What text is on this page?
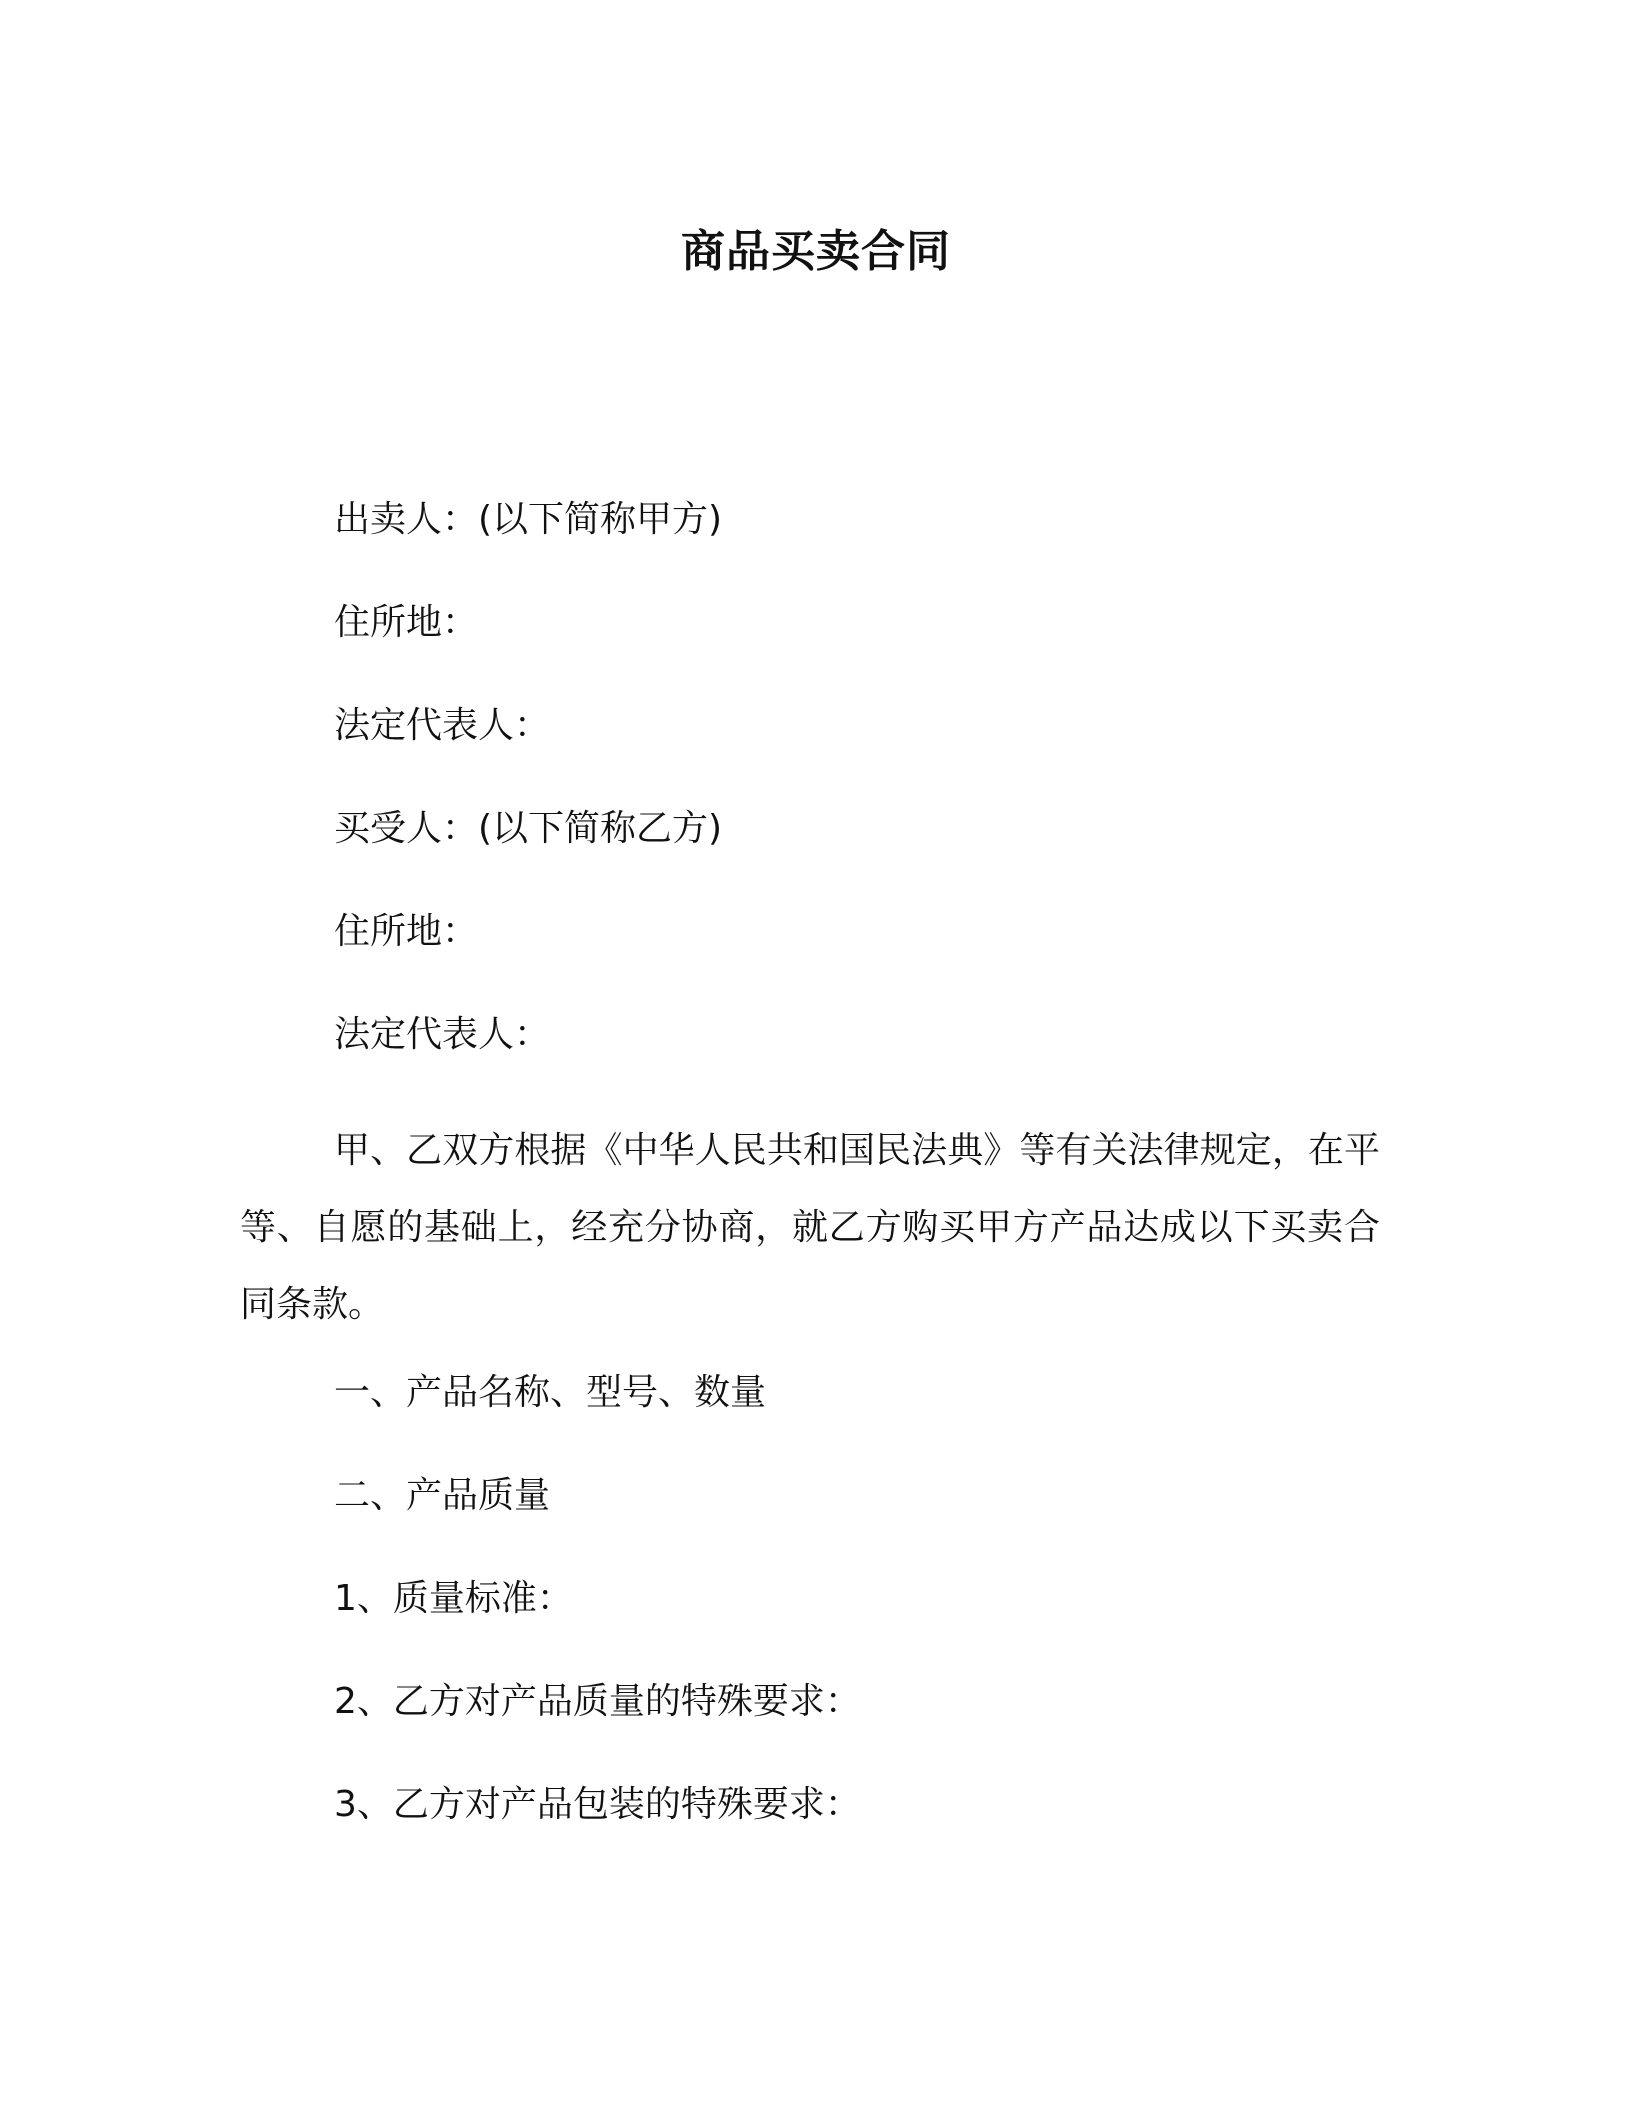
商品买卖合同
出卖人：(以下简称甲方)
住所地：
法定代表人：
买受人：(以下简称乙方)
住所地：
法定代表人：
甲、乙双方根据《中华人民共和国民法典》等有关法律规定，在平等、自愿的基础上，经充分协商，就乙方购买甲方产品达成以下买卖合同条款。
一、产品名称、型号、数量
二、产品质量
1、质量标准：
2、乙方对产品质量的特殊要求：
3、乙方对产品包装的特殊要求：
